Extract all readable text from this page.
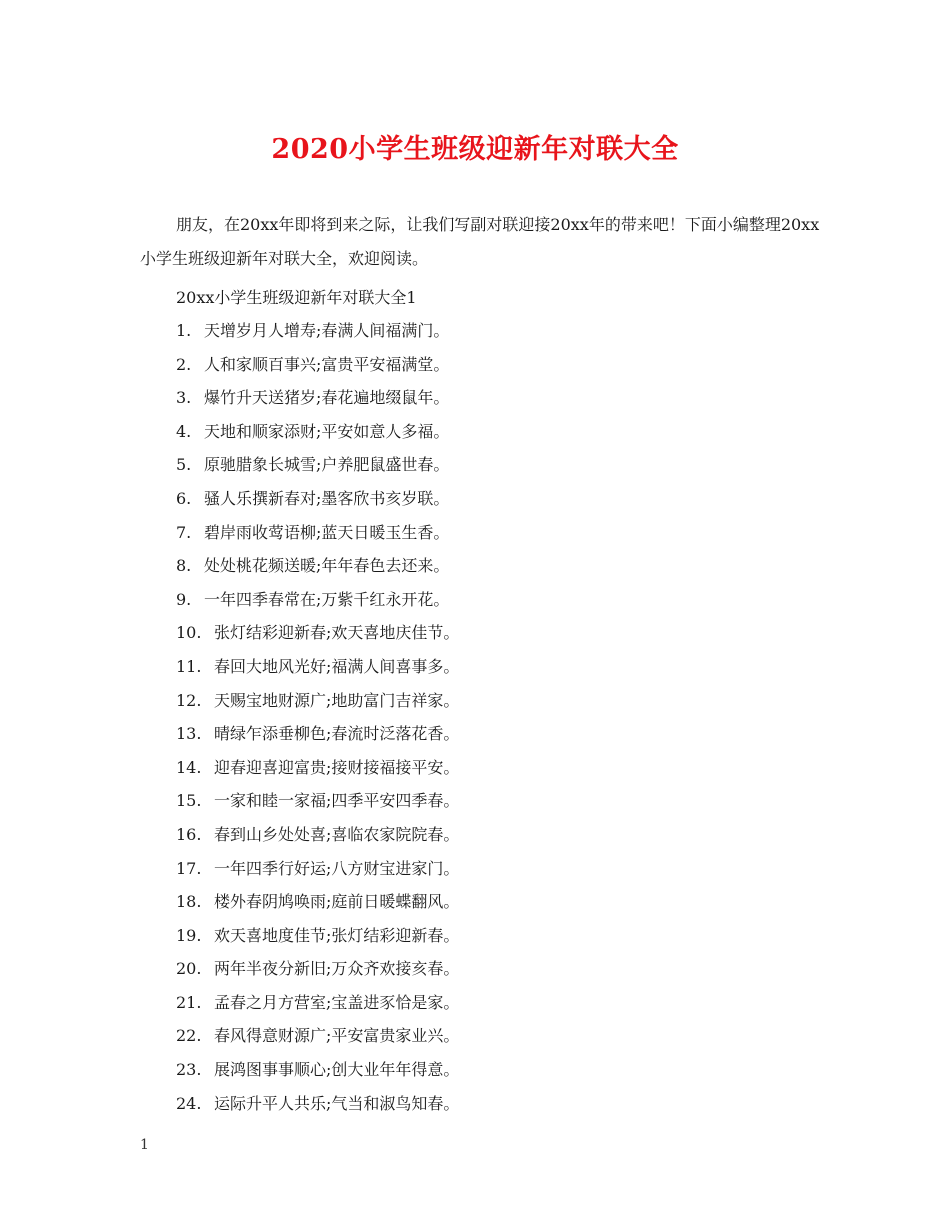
2020小学生班级迎新年对联大全
朋友，在20xx年即将到来之际，让我们写副对联迎接20xx年的带来吧！下面小编整理20xx小学生班级迎新年对联大全，欢迎阅读。
20xx小学生班级迎新年对联大全1
1. 天增岁月人增寿;春满人间福满门。
2. 人和家顺百事兴;富贵平安福满堂。
3. 爆竹升天送猪岁;春花遍地缀鼠年。
4. 天地和顺家添财;平安如意人多福。
5. 原驰腊象长城雪;户养肥鼠盛世春。
6. 骚人乐撰新春对;墨客欣书亥岁联。
7. 碧岸雨收莺语柳;蓝天日暖玉生香。
8. 处处桃花频送暖;年年春色去还来。
9. 一年四季春常在;万紫千红永开花。
10. 张灯结彩迎新春;欢天喜地庆佳节。
11. 春回大地风光好;福满人间喜事多。
12. 天赐宝地财源广;地助富门吉祥家。
13. 晴绿乍添垂柳色;春流时泛落花香。
14. 迎春迎喜迎富贵;接财接福接平安。
15. 一家和睦一家福;四季平安四季春。
16. 春到山乡处处喜;喜临农家院院春。
17. 一年四季行好运;八方财宝进家门。
18. 楼外春阴鸠唤雨;庭前日暖蝶翻风。
19. 欢天喜地度佳节;张灯结彩迎新春。
20. 两年半夜分新旧;万众齐欢接亥春。
21. 孟春之月方营室;宝盖进豕恰是家。
22. 春风得意财源广;平安富贵家业兴。
23. 展鸿图事事顺心;创大业年年得意。
24. 运际升平人共乐;气当和淑鸟知春。
1
